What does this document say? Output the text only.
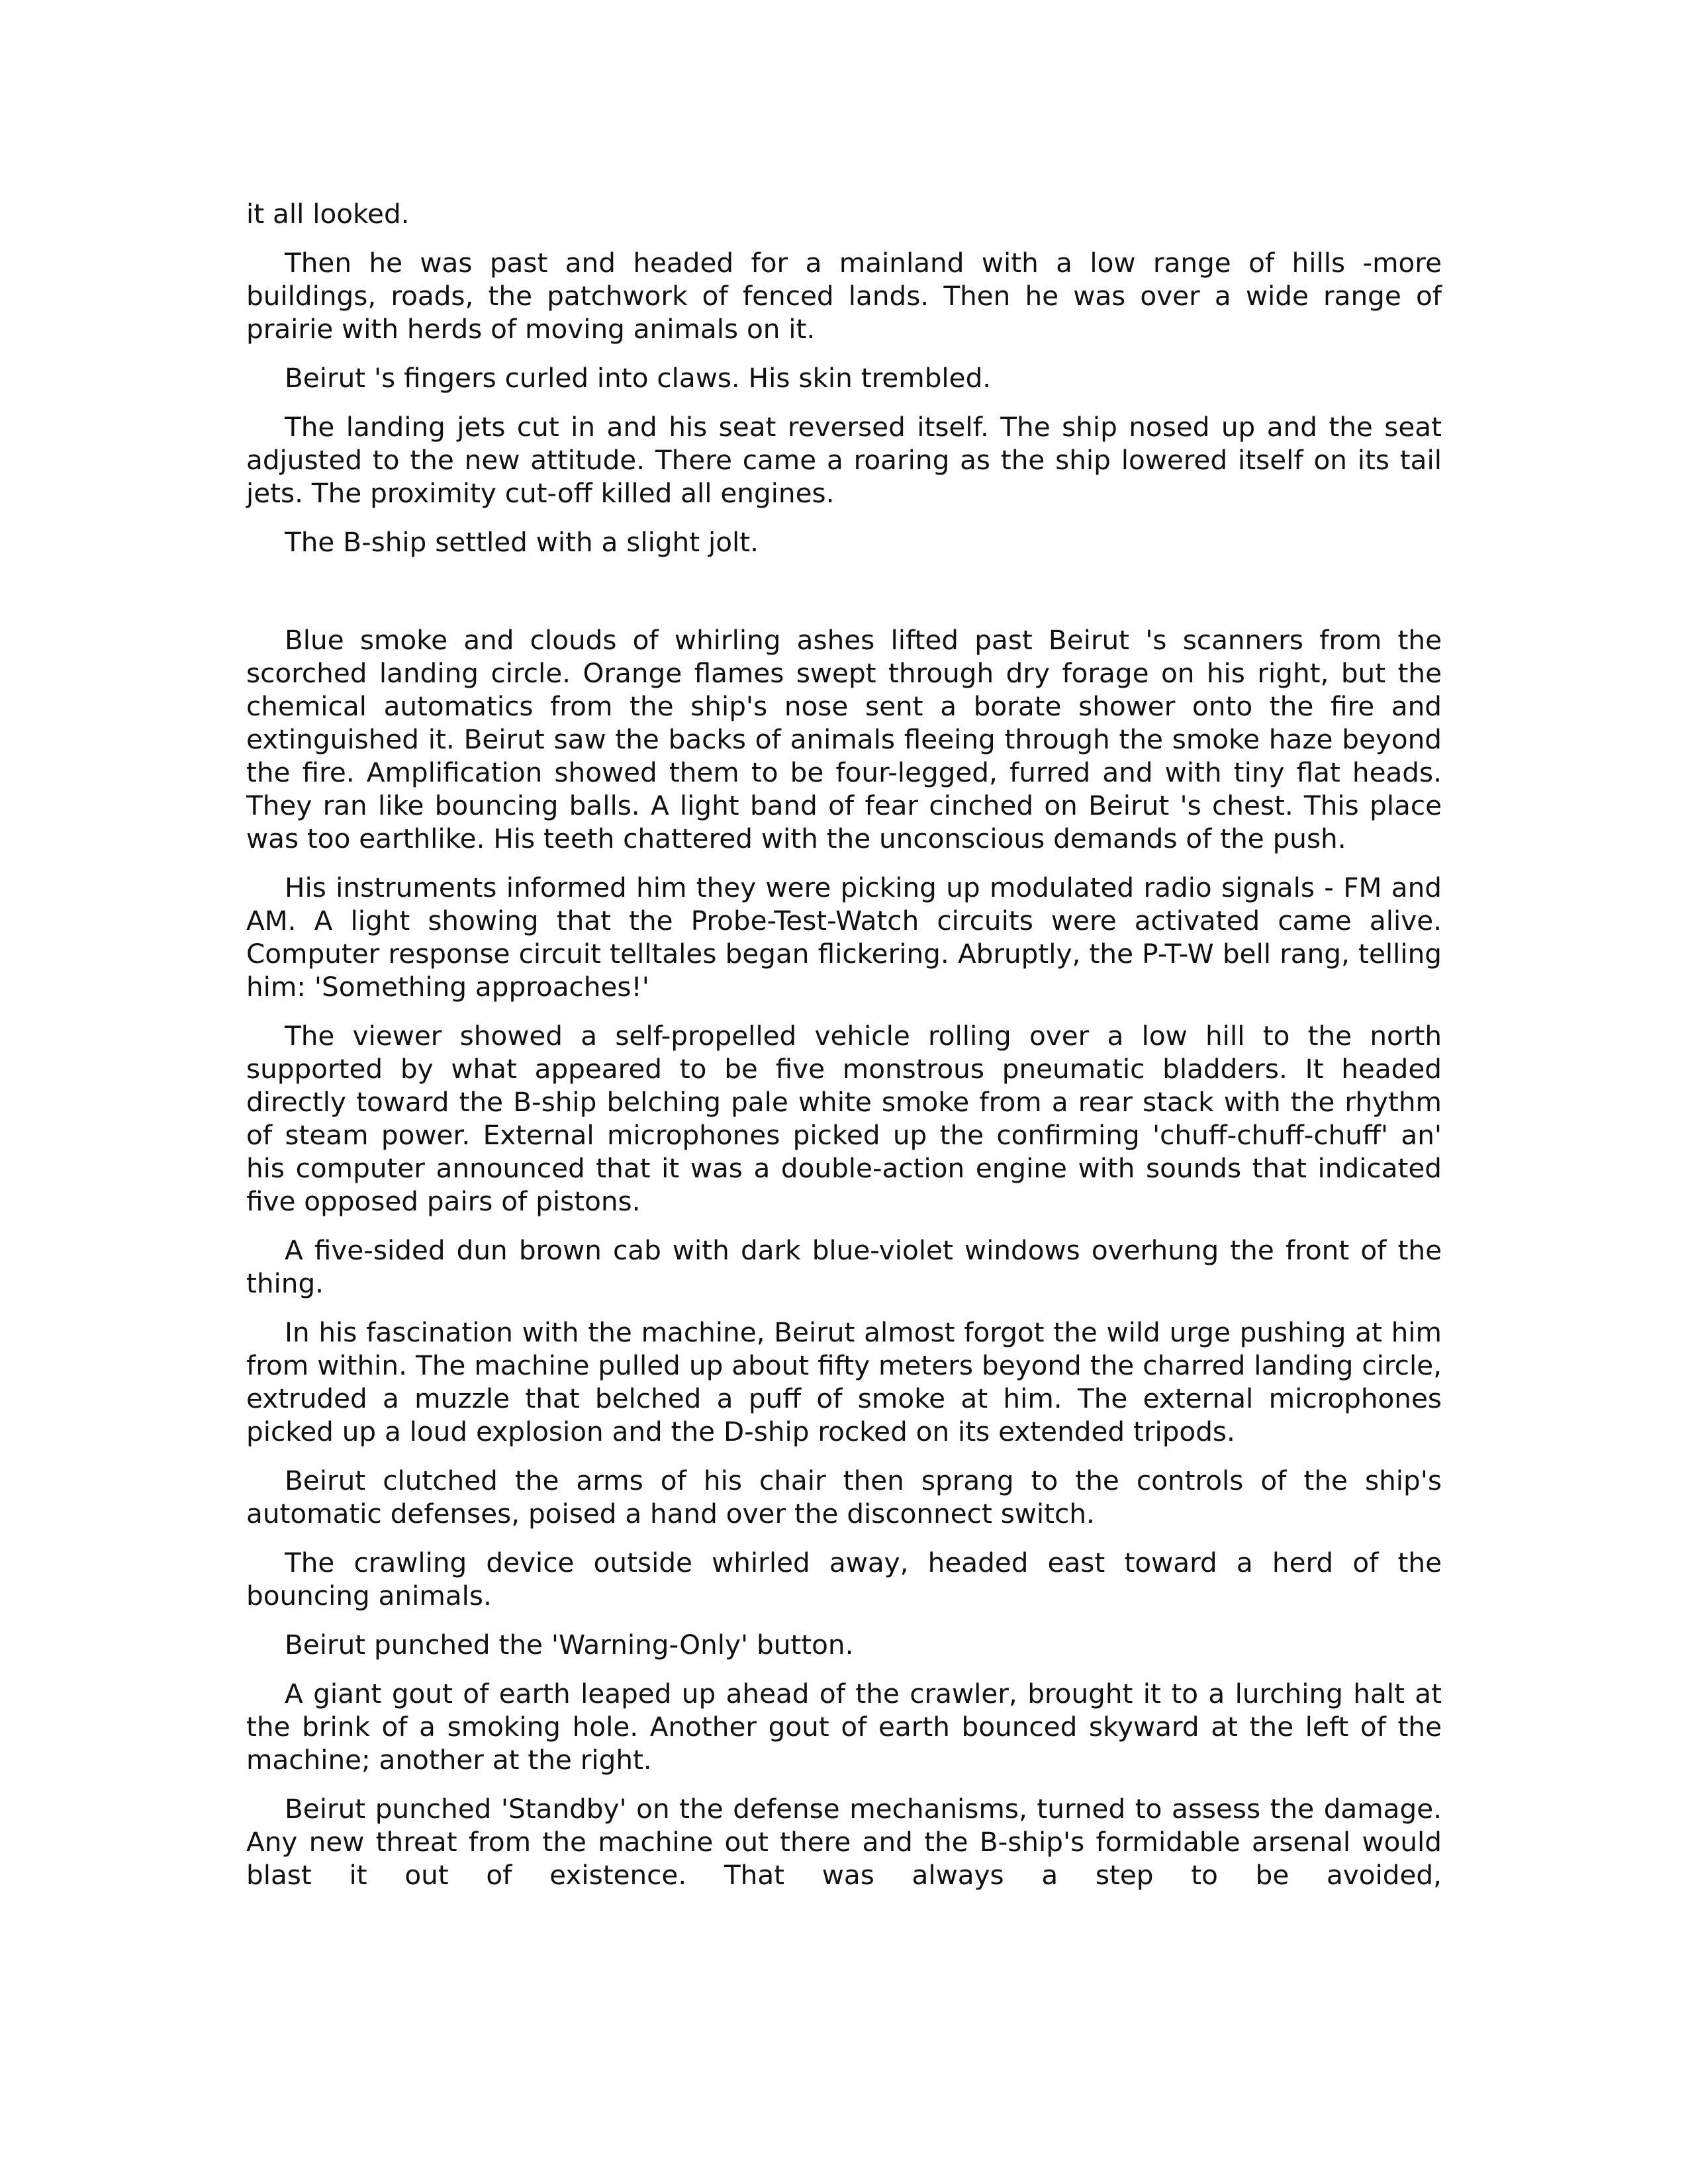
it all looked.

Then he was past and headed for a mainland with a low range of hills -more buildings, roads, the patchwork of fenced lands. Then he was over a wide range of prairie with herds of moving animals on it.

Beirut 's fingers curled into claws. His skin trembled.

The landing jets cut in and his seat reversed itself. The ship nosed up and the seat adjusted to the new attitude. There came a roaring as the ship lowered itself on its tail jets. The proximity cut-off killed all engines.

The B-ship settled with a slight jolt.

Blue smoke and clouds of whirling ashes lifted past Beirut 's scanners from the scorched landing circle. Orange flames swept through dry forage on his right, but the chemical automatics from the ship's nose sent a borate shower onto the fire and extinguished it. Beirut saw the backs of animals fleeing through the smoke haze beyond the fire. Amplification showed them to be four-legged, furred and with tiny flat heads. They ran like bouncing balls. A light band of fear cinched on Beirut 's chest. This place was too earthlike. His teeth chattered with the unconscious demands of the push.

His instruments informed him they were picking up modulated radio signals - FM and AM. A light showing that the Probe-Test-Watch circuits were activated came alive. Computer response circuit telltales began flickering. Abruptly, the P-T-W bell rang, telling him: 'Something approaches!'

The viewer showed a self-propelled vehicle rolling over a low hill to the north supported by what appeared to be five monstrous pneumatic bladders. It headed directly toward the B-ship belching pale white smoke from a rear stack with the rhythm of steam power. External microphones picked up the confirming 'chuff-chuff-chuff' an' his computer announced that it was a double-action engine with sounds that indicated five opposed pairs of pistons.

A five-sided dun brown cab with dark blue-violet windows overhung the front of the thing.

In his fascination with the machine, Beirut almost forgot the wild urge pushing at him from within. The machine pulled up about fifty meters beyond the charred landing circle, extruded a muzzle that belched a puff of smoke at him. The external microphones picked up a loud explosion and the D-ship rocked on its extended tripods.

Beirut clutched the arms of his chair then sprang to the controls of the ship's automatic defenses, poised a hand over the disconnect switch.

The crawling device outside whirled away, headed east toward a herd of the bouncing animals.

Beirut punched the 'Warning-Only' button.

A giant gout of earth leaped up ahead of the crawler, brought it to a lurching halt at the brink of a smoking hole. Another gout of earth bounced skyward at the left of the machine; another at the right.

Beirut punched 'Standby' on the defense mechanisms, turned to assess the damage. Any new threat from the machine out there and the B-ship's formidable arsenal would blast it out of existence. That was always a step to be avoided,
